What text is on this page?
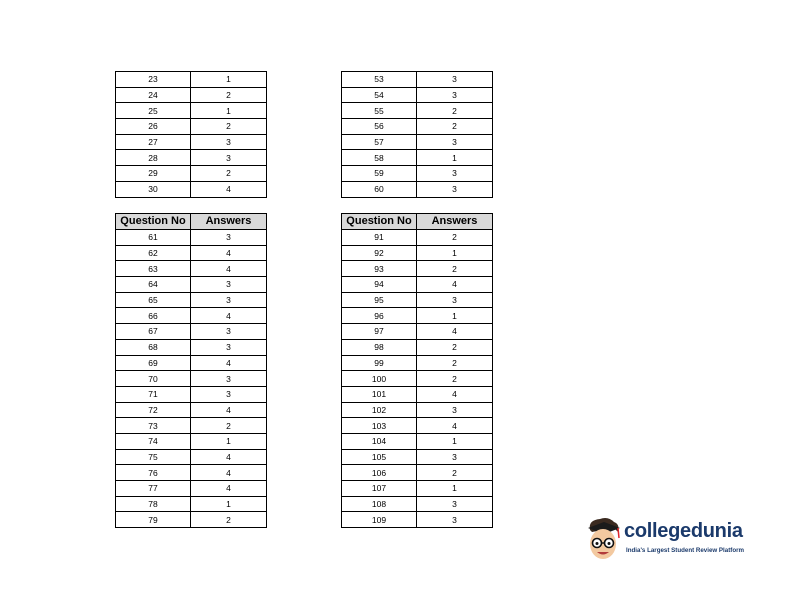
23	1
24	2
25	1
26	2
27	3
28	3
29	2
30	4
53	3
54	3
55	2
56	2
57	3
58	1
59	3
60	3
Question No	Answers
61	3
62	4
63	4
64	3
65	3
66	4
67	3
68	3
69	4
70	3
71	3
72	4
73	2
74	1
75	4
76	4
77	4
78	1
79	2
Question No	Answers
91	2
92	1
93	2
94	4
95	3
96	1
97	4
98	2
99	2
100	2
101	4
102	3
103	4
104	1
105	3
106	2
107	1
108	3
109	3
collegedunia
India's Largest Student Review Platform
